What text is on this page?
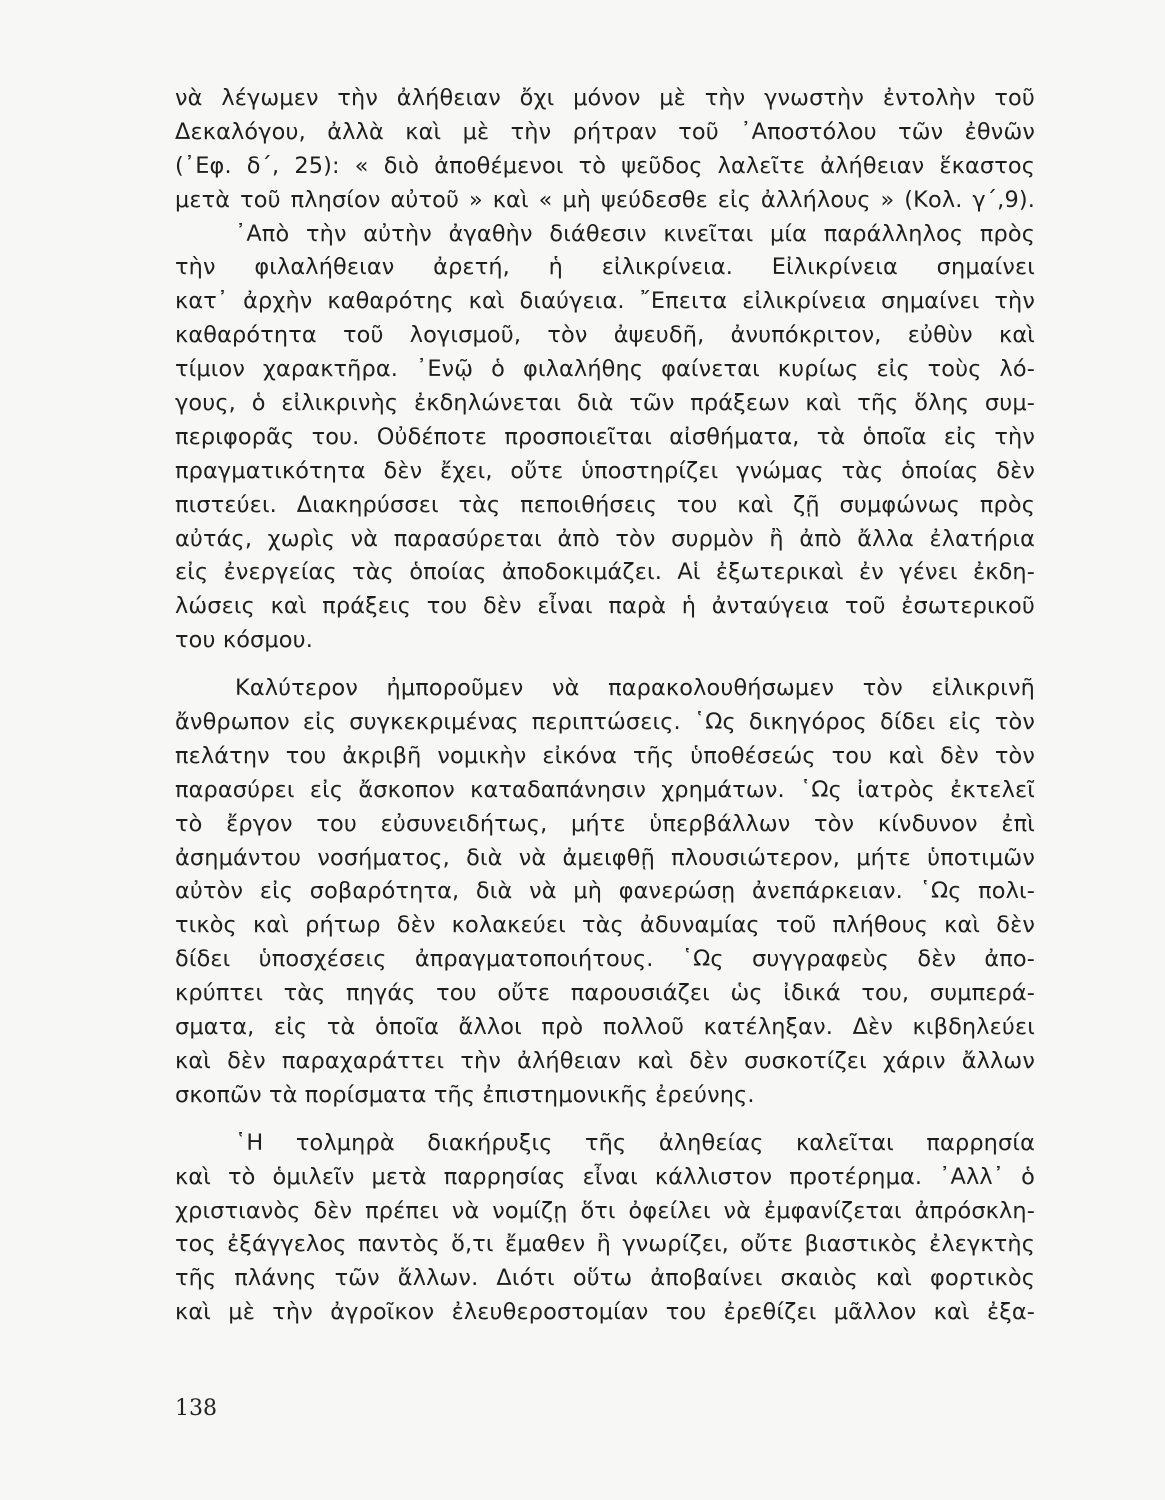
νὰ λέγωμεν τὴν ἀλήθειαν ὄχι μόνον μὲ τὴν γνωστὴν ἐντολὴν τοῦ
Δεκαλόγου, ἀλλὰ καὶ μὲ τὴν ρήτραν τοῦ ᾿Αποστόλου τῶν ἐθνῶν
(᾿Εφ. δ΄, 25): « διὸ ἀποθέμενοι τὸ ψεῦδος λαλεῖτε ἀλήθειαν ἕκαστος
μετὰ τοῦ πλησίον αὐτοῦ » καὶ « μὴ ψεύδεσθε εἰς ἀλλήλους » (Κολ. γ΄,9).
᾿Απὸ τὴν αὐτὴν ἀγαθὴν διάθεσιν κινεῖται μία παράλληλος πρὸς
τὴν φιλαλήθειαν ἀρετή, ἡ εἰλικρίνεια. Εἰλικρίνεια σημαίνει
κατ᾿ ἀρχὴν καθαρότης καὶ διαύγεια. ῎Επειτα εἰλικρίνεια σημαίνει τὴν
καθαρότητα τοῦ λογισμοῦ, τὸν ἀψευδῆ, ἀνυπόκριτον, εὐθὺν καὶ
τίμιον χαρακτῆρα. ᾿Ενῷ ὁ φιλαλήθης φαίνεται κυρίως εἰς τοὺς λό-
γους, ὁ εἰλικρινὴς ἐκδηλώνεται διὰ τῶν πράξεων καὶ τῆς ὅλης συμ-
περιφορᾶς του. Οὐδέποτε προσποιεῖται αἰσθήματα, τὰ ὁποῖα εἰς τὴν
πραγματικότητα δὲν ἔχει, οὔτε ὑποστηρίζει γνώμας τὰς ὁποίας δὲν
πιστεύει. Διακηρύσσει τὰς πεποιθήσεις του καὶ ζῇ συμφώνως πρὸς
αὐτάς, χωρὶς νὰ παρασύρεται ἀπὸ τὸν συρμὸν ἢ ἀπὸ ἄλλα ἐλατήρια
εἰς ἐνεργείας τὰς ὁποίας ἀποδοκιμάζει. Αἱ ἐξωτερικαὶ ἐν γένει ἐκδη-
λώσεις καὶ πράξεις του δὲν εἶναι παρὰ ἡ ἀνταύγεια τοῦ ἐσωτερικοῦ
του κόσμου.
Καλύτερον ἠμποροῦμεν νὰ παρακολουθήσωμεν τὸν εἰλικρινῆ
ἄνθρωπον εἰς συγκεκριμένας περιπτώσεις. ῾Ως δικηγόρος δίδει εἰς τὸν
πελάτην του ἀκριβῆ νομικὴν εἰκόνα τῆς ὑποθέσεώς του καὶ δὲν τὸν
παρασύρει εἰς ἄσκοπον καταδαπάνησιν χρημάτων. ῾Ως ἰατρὸς ἐκτελεῖ
τὸ ἔργον του εὐσυνειδήτως, μήτε ὑπερβάλλων τὸν κίνδυνον ἐπὶ
ἀσημάντου νοσήματος, διὰ νὰ ἀμειφθῇ πλουσιώτερον, μήτε ὑποτιμῶν
αὐτὸν εἰς σοβαρότητα, διὰ νὰ μὴ φανερώσῃ ἀνεπάρκειαν. ῾Ως πολι-
τικὸς καὶ ρήτωρ δὲν κολακεύει τὰς ἀδυναμίας τοῦ πλήθους καὶ δὲν
δίδει ὑποσχέσεις ἀπραγματοποιήτους. ῾Ως συγγραφεὺς δὲν ἀπο-
κρύπτει τὰς πηγάς του οὔτε παρουσιάζει ὡς ἰδικά του, συμπερά-
σματα, εἰς τὰ ὁποῖα ἄλλοι πρὸ πολλοῦ κατέληξαν. Δὲν κιβδηλεύει
καὶ δὲν παραχαράττει τὴν ἀλήθειαν καὶ δὲν συσκοτίζει χάριν ἄλλων
σκοπῶν τὰ πορίσματα τῆς ἐπιστημονικῆς ἐρεύνης.
῾Η τολμηρὰ διακήρυξις τῆς ἀληθείας καλεῖται παρρησία
καὶ τὸ ὁμιλεῖν μετὰ παρρησίας εἶναι κάλλιστον προτέρημα. ᾿Αλλ᾿ ὁ
χριστιανὸς δὲν πρέπει νὰ νομίζῃ ὅτι ὀφείλει νὰ ἐμφανίζεται ἀπρόσκλη-
τος ἐξάγγελος παντὸς ὅ,τι ἔμαθεν ἢ γνωρίζει, οὔτε βιαστικὸς ἐλεγκτὴς
τῆς πλάνης τῶν ἄλλων. Διότι οὕτω ἀποβαίνει σκαιὸς καὶ φορτικὸς
καὶ μὲ τὴν ἀγροῖκον ἐλευθεροστομίαν του ἐρεθίζει μᾶλλον καὶ ἐξα-
138
